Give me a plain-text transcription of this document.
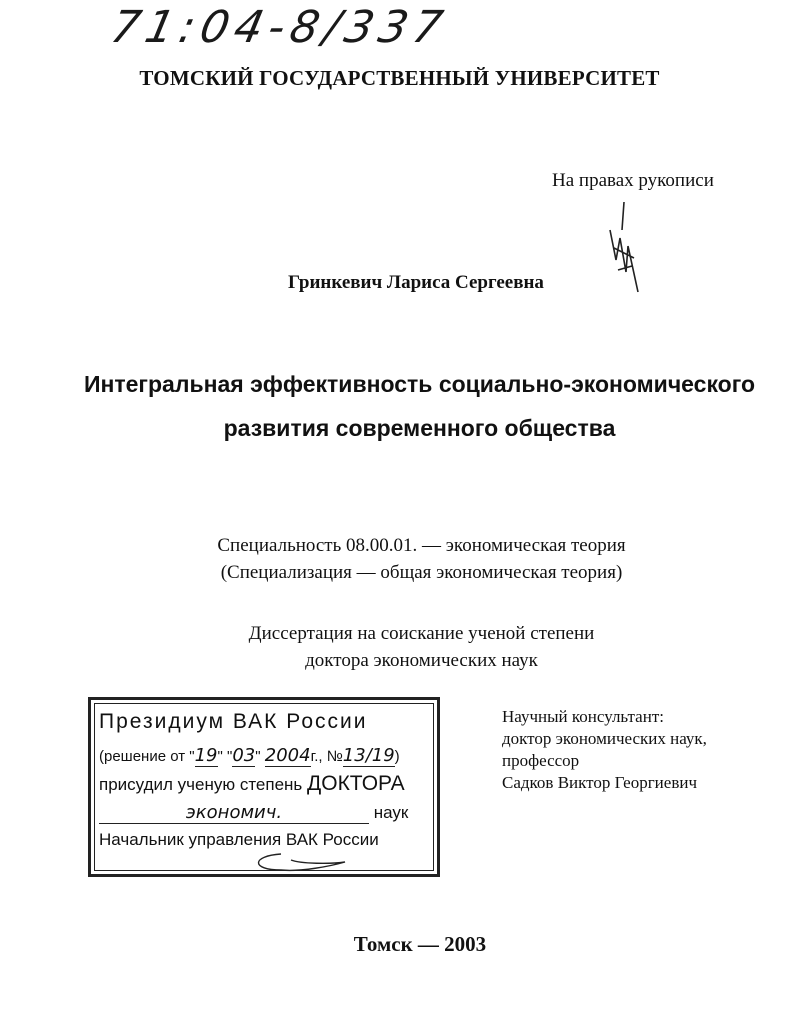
71:04-8/337
ТОМСКИЙ ГОСУДАРСТВЕННЫЙ УНИВЕРСИТЕТ
На правах рукописи
Гринкевич Лариса Сергеевна
Интегральная эффективность социально-экономического
развития современного общества
Специальность 08.00.01. — экономическая теория
(Специализация — общая экономическая теория)
Диссертация на соискание ученой степени
доктора экономических наук
Президиум ВАК России
(решение от "19" "03" 2004г., №13/19)
присудил ученую степень ДОКТОРА
экономич.	наук
Начальник управления ВАК России
Научный консультант:
доктор экономических наук,
профессор
Садков Виктор Георгиевич
Томск — 2003
